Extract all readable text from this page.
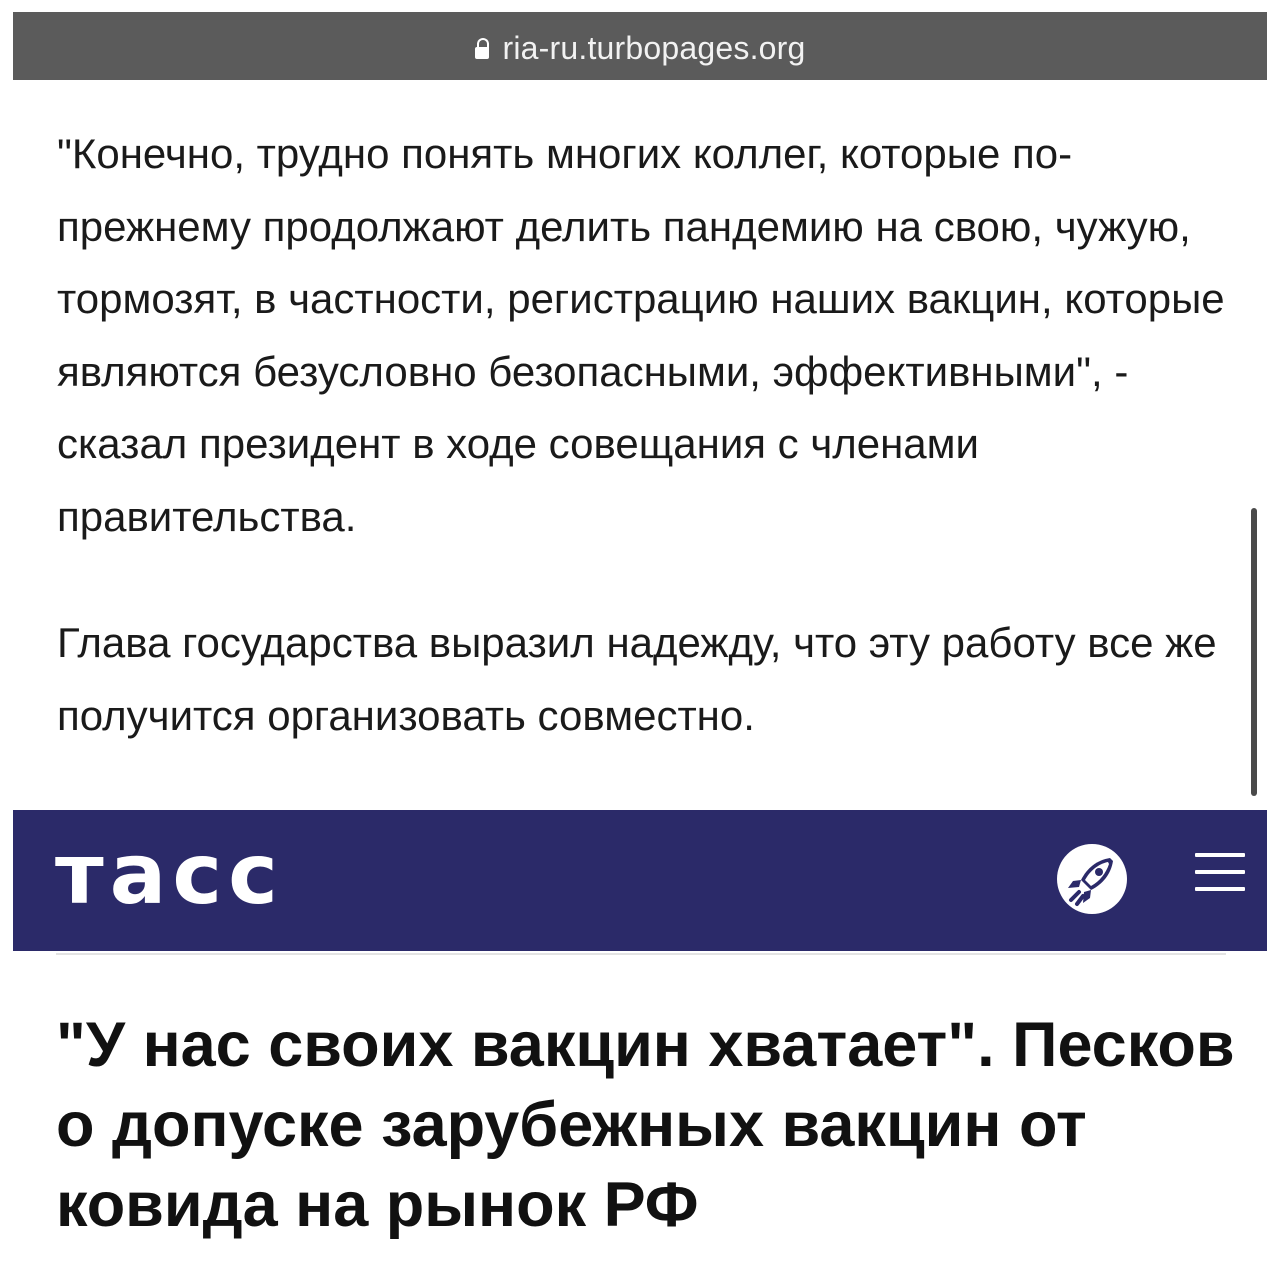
ria-ru.turbopages.org

"Конечно, трудно понять многих коллег, которые по-прежнему продолжают делить пандемию на свою, чужую, тормозят, в частности, регистрацию наших вакцин, которые являются безусловно безопасными, эффективными", - сказал президент в ходе совещания с членами правительства.

Глава государства выразил надежду, что эту работу все же получится организовать совместно.

тасс
"У нас своих вакцин хватает". Песков о допуске зарубежных вакцин от ковида на рынок РФ
